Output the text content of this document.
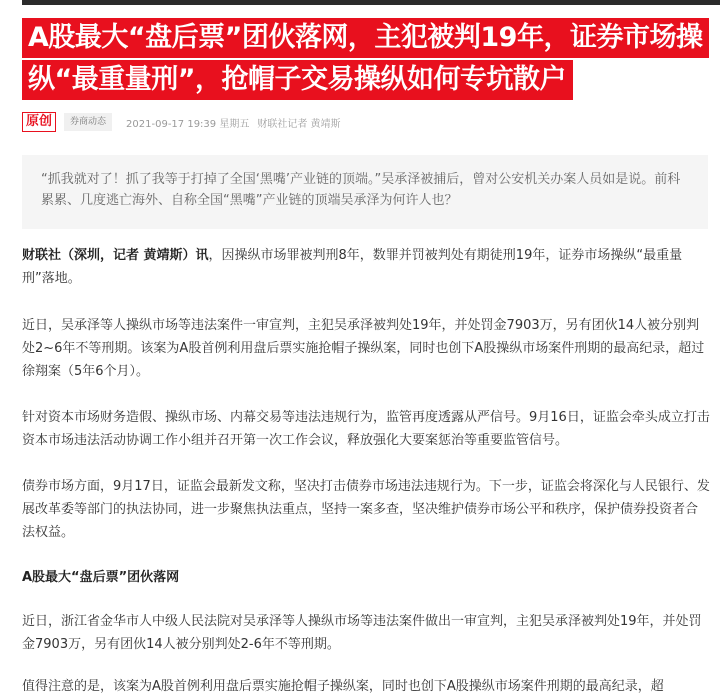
A股最大“盘后票”团伙落网，主犯被判19年，证券市场操
纵“最重量刑”，抢帽子交易操纵如何专坑散户
原创	券商动态	2021-09-17 19:39 星期五 财联社记者 黄靖斯
“抓我就对了！抓了我等于打掉了全国‘黑嘴’产业链的顶端。”吴承泽被捕后，曾对公安机关办案人员如是说。前科累累、几度逃亡海外、自称全国“黑嘴”产业链的顶端吴承泽为何许人也？
财联社（深圳，记者 黄靖斯）讯，因操纵市场罪被判刑8年，数罪并罚被判处有期徒刑19年，证券市场操纵“最重量刑”落地。
近日，吴承泽等人操纵市场等违法案件一审宣判，主犯吴承泽被判处19年，并处罚金7903万，另有团伙14人被分别判处2~6年不等刑期。该案为A股首例利用盘后票实施抢帽子操纵案，同时也创下A股操纵市场案件刑期的最高纪录，超过徐翔案（5年6个月）。
针对资本市场财务造假、操纵市场、内幕交易等违法违规行为，监管再度透露从严信号。9月16日，证监会牵头成立打击资本市场违法活动协调工作小组并召开第一次工作会议，释放强化大要案惩治等重要监管信号。
债券市场方面，9月17日，证监会最新发文称，坚决打击债券市场违法违规行为。下一步，证监会将深化与人民银行、发展改革委等部门的执法协同，进一步聚焦执法重点，坚持一案多查，坚决维护债券市场公平和秩序，保护债券投资者合法权益。
A股最大“盘后票”团伙落网
近日，浙江省金华市人中级人民法院对吴承泽等人操纵市场等违法案件做出一审宣判，主犯吴承泽被判处19年，并处罚金7903万，另有团伙14人被分别判处2-6年不等刑期。
值得注意的是，该案为A股首例利用盘后票实施抢帽子操纵案，同时也创下A股操纵市场案件刑期的最高纪录，超
